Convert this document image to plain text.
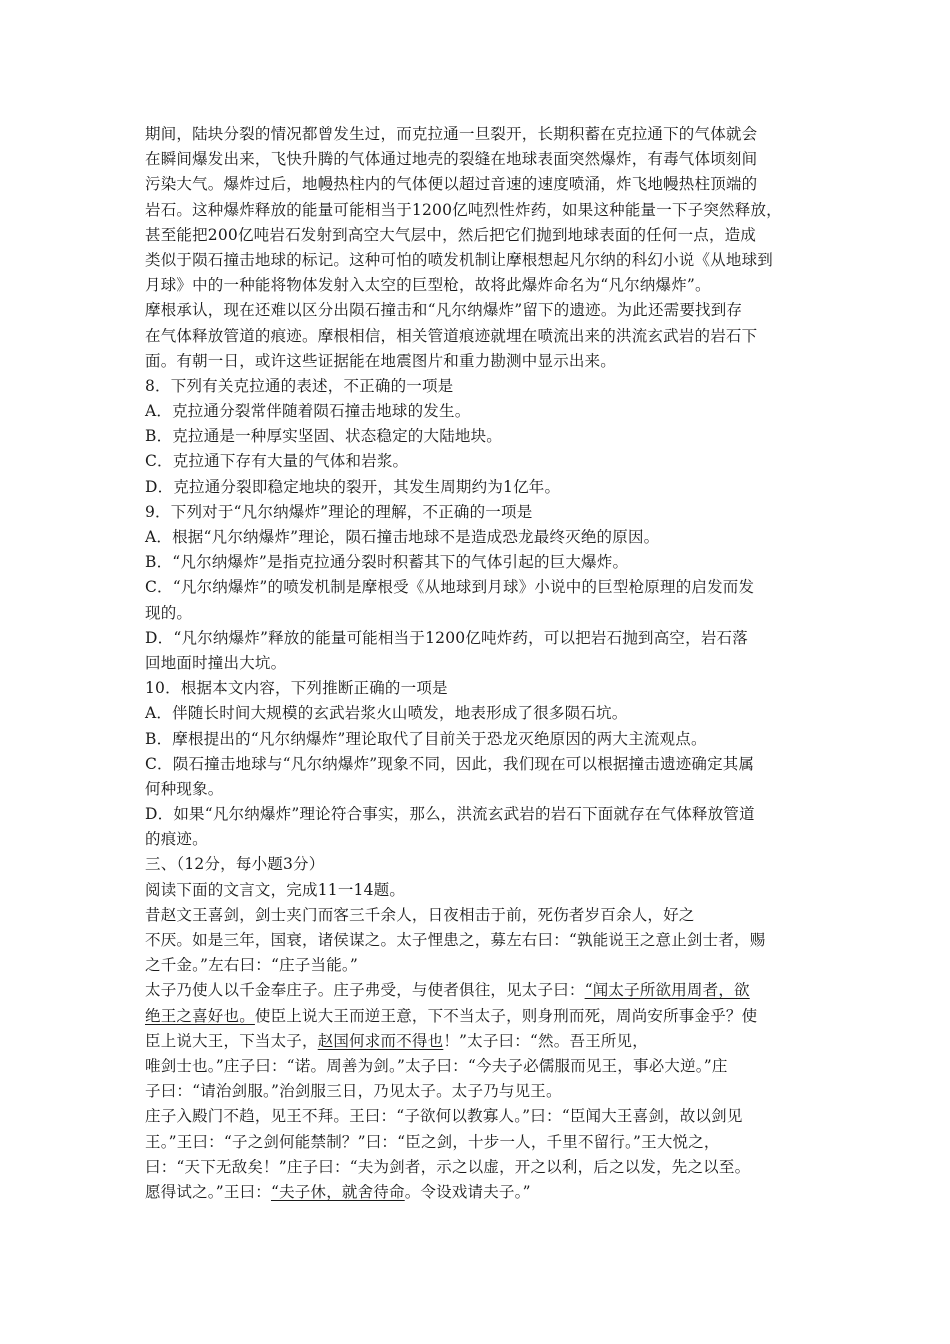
期间，陆块分裂的情况都曾发生过，而克拉通一旦裂开，长期积蓄在克拉通下的气体就会
在瞬间爆发出来，飞快升腾的气体通过地壳的裂缝在地球表面突然爆炸，有毒气体顷刻间
污染大气。爆炸过后，地幔热柱内的气体便以超过音速的速度喷涌，炸飞地幔热柱顶端的
岩石。这种爆炸释放的能量可能相当于1200亿吨烈性炸药，如果这种能量一下子突然释放，
甚至能把200亿吨岩石发射到高空大气层中，然后把它们抛到地球表面的任何一点，造成
类似于陨石撞击地球的标记。这种可怕的喷发机制让摩根想起凡尔纳的科幻小说《从地球到
月球》中的一种能将物体发射入太空的巨型枪，故将此爆炸命名为“凡尔纳爆炸”。
摩根承认，现在还难以区分出陨石撞击和“凡尔纳爆炸”留下的遗迹。为此还需要找到存
在气体释放管道的痕迹。摩根相信，相关管道痕迹就埋在喷流出来的洪流玄武岩的岩石下
面。有朝一日，或许这些证据能在地震图片和重力勘测中显示出来。
8．下列有关克拉通的表述，不正确的一项是
A．克拉通分裂常伴随着陨石撞击地球的发生。
B．克拉通是一种厚实坚固、状态稳定的大陆地块。
C．克拉通下存有大量的气体和岩浆。
D．克拉通分裂即稳定地块的裂开，其发生周期约为1亿年。
9．下列对于“凡尔纳爆炸”理论的理解，不正确的一项是
A．根据“凡尔纳爆炸”理论，陨石撞击地球不是造成恐龙最终灭绝的原因。
B．“凡尔纳爆炸”是指克拉通分裂时积蓄其下的气体引起的巨大爆炸。
C．“凡尔纳爆炸”的喷发机制是摩根受《从地球到月球》小说中的巨型枪原理的启发而发
现的。
D．“凡尔纳爆炸”释放的能量可能相当于1200亿吨炸药，可以把岩石抛到高空，岩石落
回地面时撞出大坑。
10．根据本文内容，下列推断正确的一项是
A．伴随长时间大规模的玄武岩浆火山喷发，地表形成了很多陨石坑。
B．摩根提出的“凡尔纳爆炸”理论取代了目前关于恐龙灭绝原因的两大主流观点。
C．陨石撞击地球与“凡尔纳爆炸”现象不同，因此，我们现在可以根据撞击遗迹确定其属
何种现象。
D．如果“凡尔纳爆炸”理论符合事实，那么，洪流玄武岩的岩石下面就存在气体释放管道
的痕迹。
三、（12分，每小题3分）
阅读下面的文言文，完成11一14题。
昔赵文王喜剑，剑士夹门而客三千余人，日夜相击于前，死伤者岁百余人，好之
不厌。如是三年，国衰，诸侯谋之。太子悝患之，募左右曰：“孰能说王之意止剑士者，赐
之千金。”左右曰：“庄子当能。”
太子乃使人以千金奉庄子。庄子弗受，与使者俱往，见太子曰：“闻太子所欲用周者，欲
绝王之喜好也。使臣上说大王而逆王意，下不当太子，则身刑而死，周尚安所事金乎？使
臣上说大王，下当太子，赵国何求而不得也！”太子曰：“然。吾王所见，
唯剑士也。”庄子曰：“诺。周善为剑。”太子曰：“今夫子必儒服而见王，事必大逆。”庄
子曰：“请治剑服。”治剑服三日，乃见太子。太子乃与见王。
庄子入殿门不趋，见王不拜。王曰：“子欲何以教寡人。”曰：“臣闻大王喜剑，故以剑见
王。”王曰：“子之剑何能禁制？”曰：“臣之剑，十步一人，千里不留行。”王大悦之，
曰：“天下无敌矣！”庄子曰：“夫为剑者，示之以虚，开之以利，后之以发，先之以至。
愿得试之。”王曰：“夫子休，就舍待命。令设戏请夫子。”
